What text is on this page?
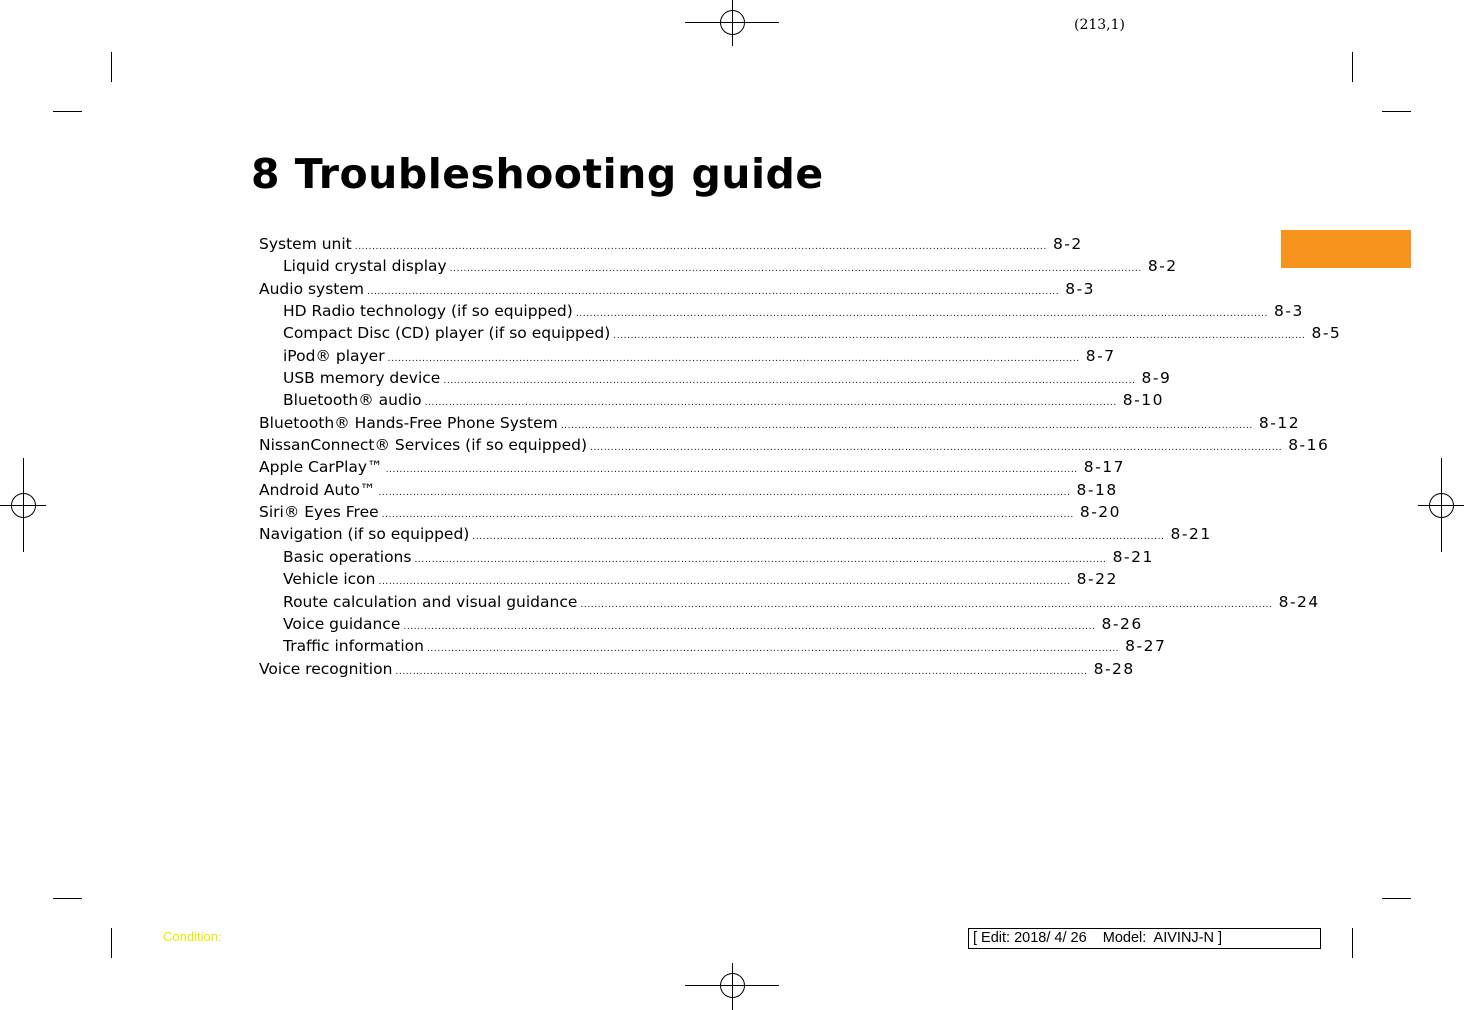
(213,1)
8 Troubleshooting guide
System unit ........................................................................................................................................................................................................ 8-2
Liquid crystal display ........................................................................................................................................................................................................ 8-2
Audio system ........................................................................................................................................................................................................ 8-3
HD Radio technology (if so equipped) ........................................................................................................................................................................................................ 8-3
Compact Disc (CD) player (if so equipped) ........................................................................................................................................................................................................ 8-5
iPod® player ........................................................................................................................................................................................................ 8-7
USB memory device ........................................................................................................................................................................................................ 8-9
Bluetooth® audio ........................................................................................................................................................................................................ 8-10
Bluetooth® Hands-Free Phone System ........................................................................................................................................................................................................ 8-12
NissanConnect® Services (if so equipped) ........................................................................................................................................................................................................ 8-16
Apple CarPlay™ ........................................................................................................................................................................................................ 8-17
Android Auto™ ........................................................................................................................................................................................................ 8-18
Siri® Eyes Free ........................................................................................................................................................................................................ 8-20
Navigation (if so equipped) ........................................................................................................................................................................................................ 8-21
Basic operations ........................................................................................................................................................................................................ 8-21
Vehicle icon ........................................................................................................................................................................................................ 8-22
Route calculation and visual guidance ........................................................................................................................................................................................................ 8-24
Voice guidance ........................................................................................................................................................................................................ 8-26
Traffic information ........................................................................................................................................................................................................ 8-27
Voice recognition ........................................................................................................................................................................................................ 8-28
Condition:	[ Edit: 2018/ 4/ 26    Model:  AIVINJ-N ]
